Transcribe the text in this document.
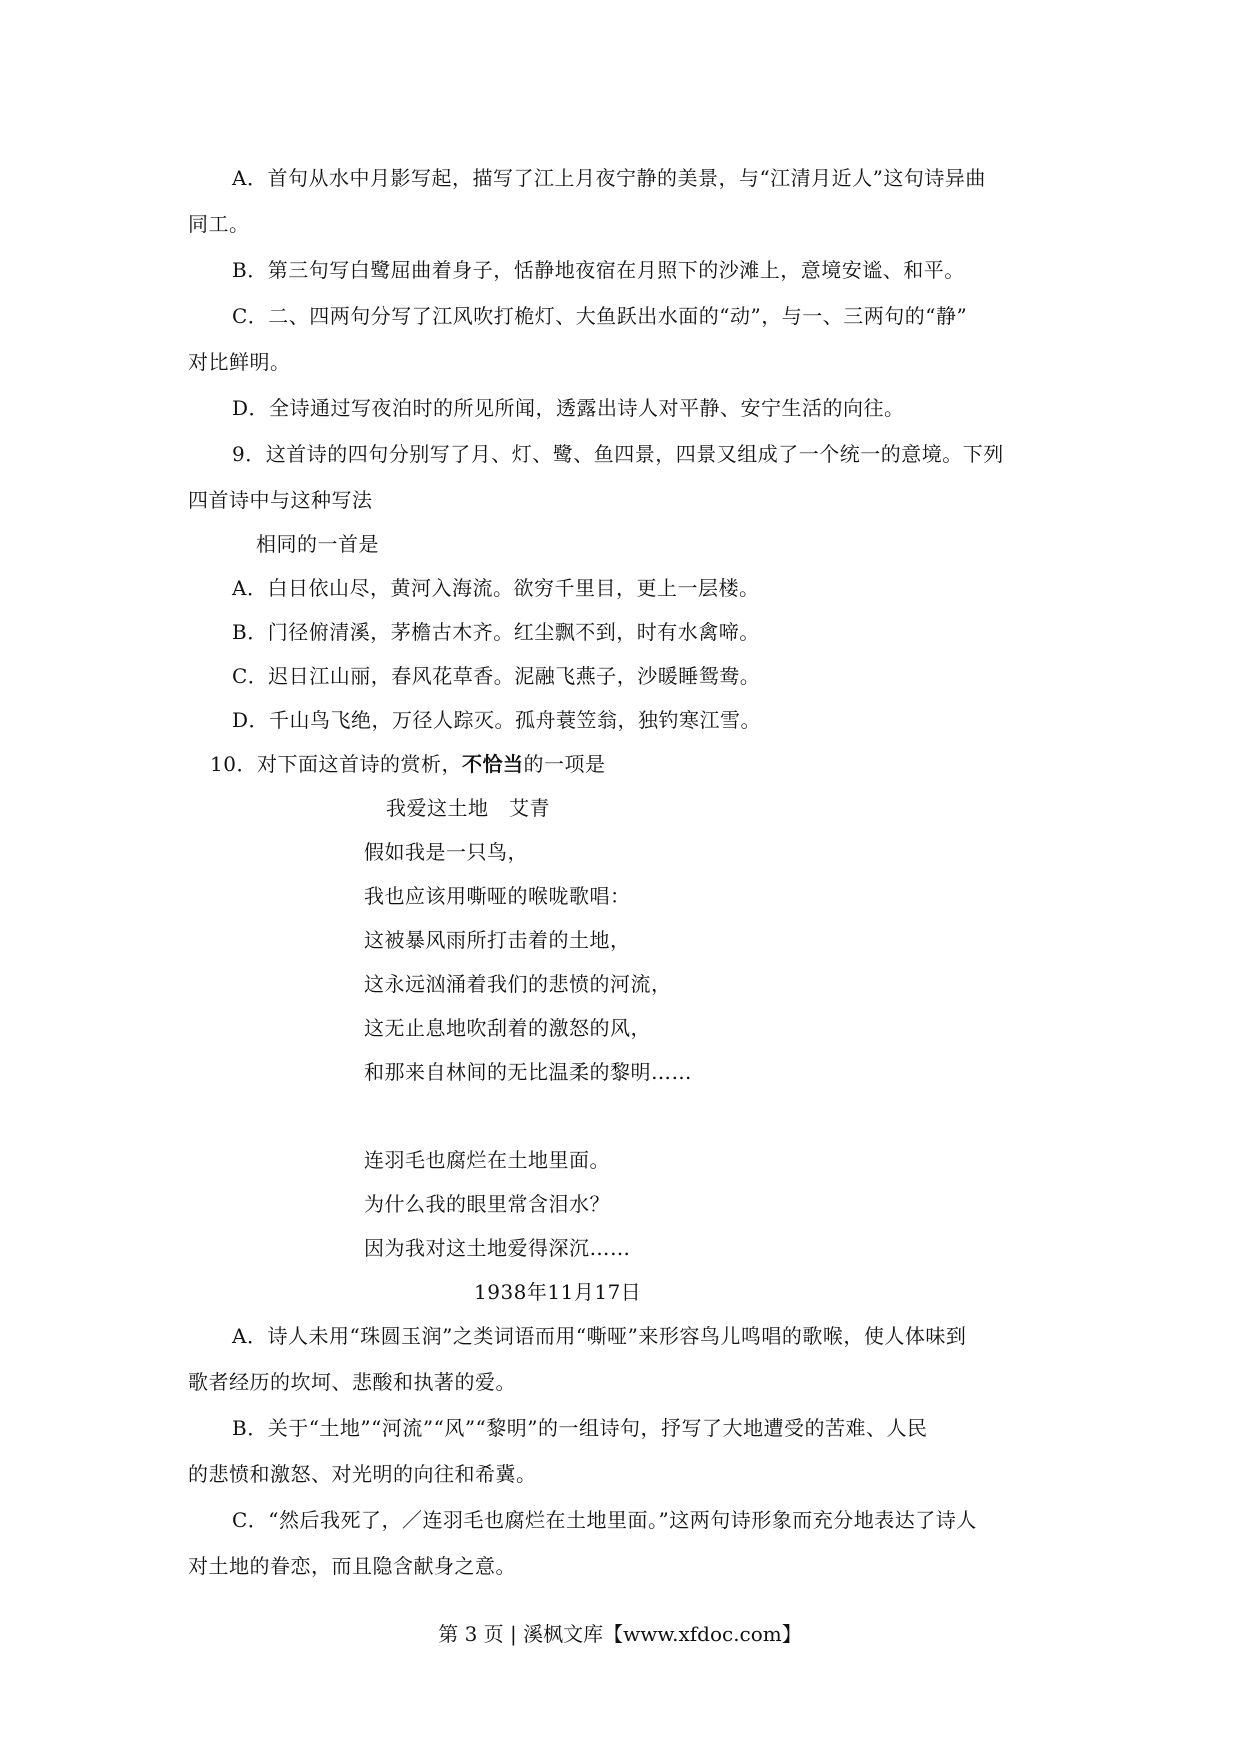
A．首句从水中月影写起，描写了江上月夜宁静的美景，与“江清月近人”这句诗异曲
同工。
B．第三句写白鹭屈曲着身子，恬静地夜宿在月照下的沙滩上，意境安谧、和平。
C．二、四两句分写了江风吹打桅灯、大鱼跃出水面的“动”，与一、三两句的“静”
对比鲜明。
D．全诗通过写夜泊时的所见所闻，透露出诗人对平静、安宁生活的向往。
9．这首诗的四句分别写了月、灯、鹭、鱼四景，四景又组成了一个统一的意境。下列
四首诗中与这种写法
相同的一首是
A．白日依山尽，黄河入海流。欲穷千里目，更上一层楼。
B．门径俯清溪，茅檐古木齐。红尘飘不到，时有水禽啼。
C．迟日江山丽，春风花草香。泥融飞燕子，沙暖睡鸳鸯。
D．千山鸟飞绝，万径人踪灭。孤舟蓑笠翁，独钓寒江雪。
10．对下面这首诗的赏析，不恰当的一项是
我爱这土地　艾青
假如我是一只鸟，
我也应该用嘶哑的喉咙歌唱：
这被暴风雨所打击着的土地，
这永远汹涌着我们的悲愤的河流，
这无止息地吹刮着的激怒的风，
和那来自林间的无比温柔的黎明……
连羽毛也腐烂在土地里面。
为什么我的眼里常含泪水？
因为我对这土地爱得深沉……
1938年11月17日
A．诗人未用“珠圆玉润”之类词语而用“嘶哑”来形容鸟儿鸣唱的歌喉，使人体味到
歌者经历的坎坷、悲酸和执著的爱。
B．关于“土地”“河流”“风”“黎明”的一组诗句，抒写了大地遭受的苦难、人民
的悲愤和激怒、对光明的向往和希冀。
C．“然后我死了，／连羽毛也腐烂在土地里面。”这两句诗形象而充分地表达了诗人
对土地的眷恋，而且隐含献身之意。
第 3 页 | 溪枫文库【www.xfdoc.com】
